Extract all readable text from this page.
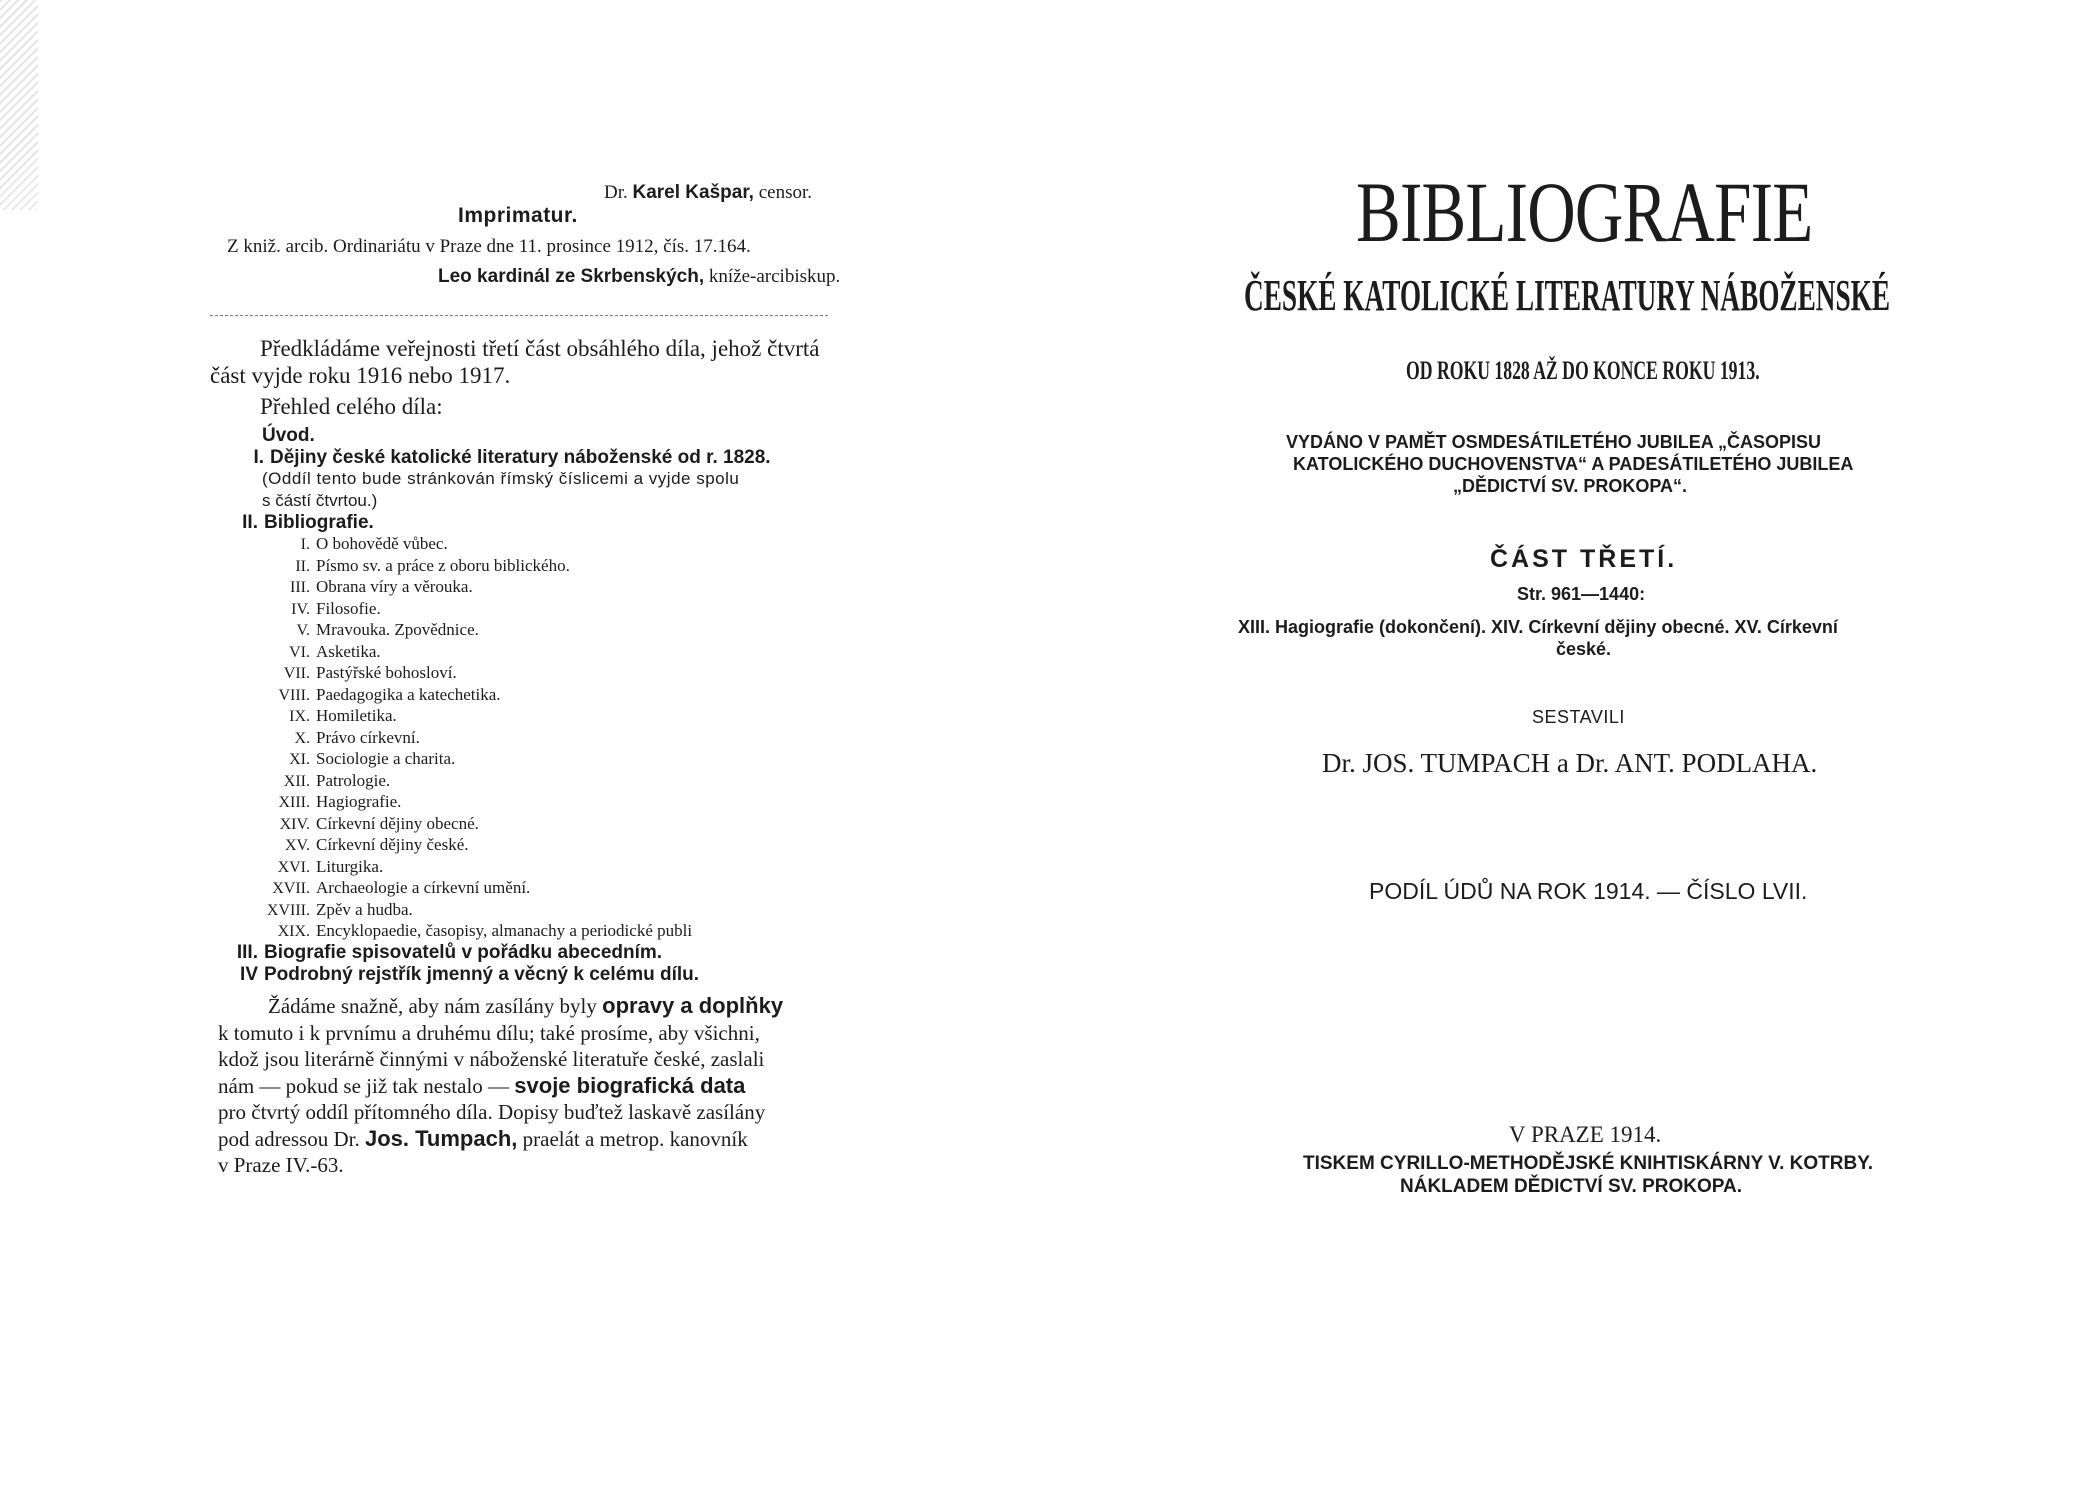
Dr. Karel Kašpar, censor.
Imprimatur.
Z kniž. arcib. Ordinariátu v Praze dne 11. prosince 1912, čís. 17.164.
Leo kardinál ze Skrbenských, kníže-arcibiskup.
Předkládáme veřejnosti třetí část obsáhlého díla, jehož čtvrtá
část vyjde roku 1916 nebo 1917.
Přehled celého díla:
Úvod.
I. Dějiny české katolické literatury náboženské od r. 1828.
(Oddíl tento bude stránkován římský číslicemi a vyjde spolu
s částí čtvrtou.)
II. Bibliografie.
I. O bohovědě vůbec.
II. Písmo sv. a práce z oboru biblického.
III. Obrana víry a věrouka.
IV. Filosofie.
V. Mravouka. Zpovědnice.
VI. Asketika.
VII. Pastýřské bohosloví.
VIII. Paedagogika a katechetika.
IX. Homiletika.
X. Právo církevní.
XI. Sociologie a charita.
XII. Patrologie.
XIII. Hagiografie.
XIV. Církevní dějiny obecné.
XV. Církevní dějiny české.
XVI. Liturgika.
XVII. Archaeologie a církevní umění.
XVIII. Zpěv a hudba.
XIX. Encyklopaedie, časopisy, almanachy a periodické publi
III. Biografie spisovatelů v pořádku abecedním.
IV Podrobný rejstřík jmenný a věcný k celému dílu.
Žádáme snažně, aby nám zasílány byly opravy a doplňky
k tomuto i k prvnímu a druhému dílu; také prosíme, aby všichni,
kdož jsou literárně činnými v náboženské literatuře české, zaslali
nám — pokud se již tak nestalo — svoje biografická data
pro čtvrtý oddíl přítomného díla. Dopisy buďtež laskavě zasílány
pod adressou Dr. Jos. Tumpach, praelát a metrop. kanovník
v Praze IV.-63.
BIBLIOGRAFIE
ČESKÉ KATOLICKÉ LITERATURY NÁBOŽENSKÉ
OD ROKU 1828 AŽ DO KONCE ROKU 1913.
VYDÁNO V PAMĚT OSMDESÁTILETÉHO JUBILEA „ČASOPISU
KATOLICKÉHO DUCHOVENSTVA“ A PADESÁTILETÉHO JUBILEA
„DĚDICTVÍ SV. PROKOPA“.
ČÁST TŘETÍ.
Str. 961—1440:
XIII. Hagiografie (dokončení). XIV. Církevní dějiny obecné. XV. Církevní
české.
SESTAVILI
Dr. JOS. TUMPACH a Dr. ANT. PODLAHA.
PODÍL ÚDŮ NA ROK 1914. — ČÍSLO LVII.
V PRAZE 1914.
TISKEM CYRILLO-METHODĚJSKÉ KNIHTISKÁRNY V. KOTRBY.
NÁKLADEM DĚDICTVÍ SV. PROKOPA.
